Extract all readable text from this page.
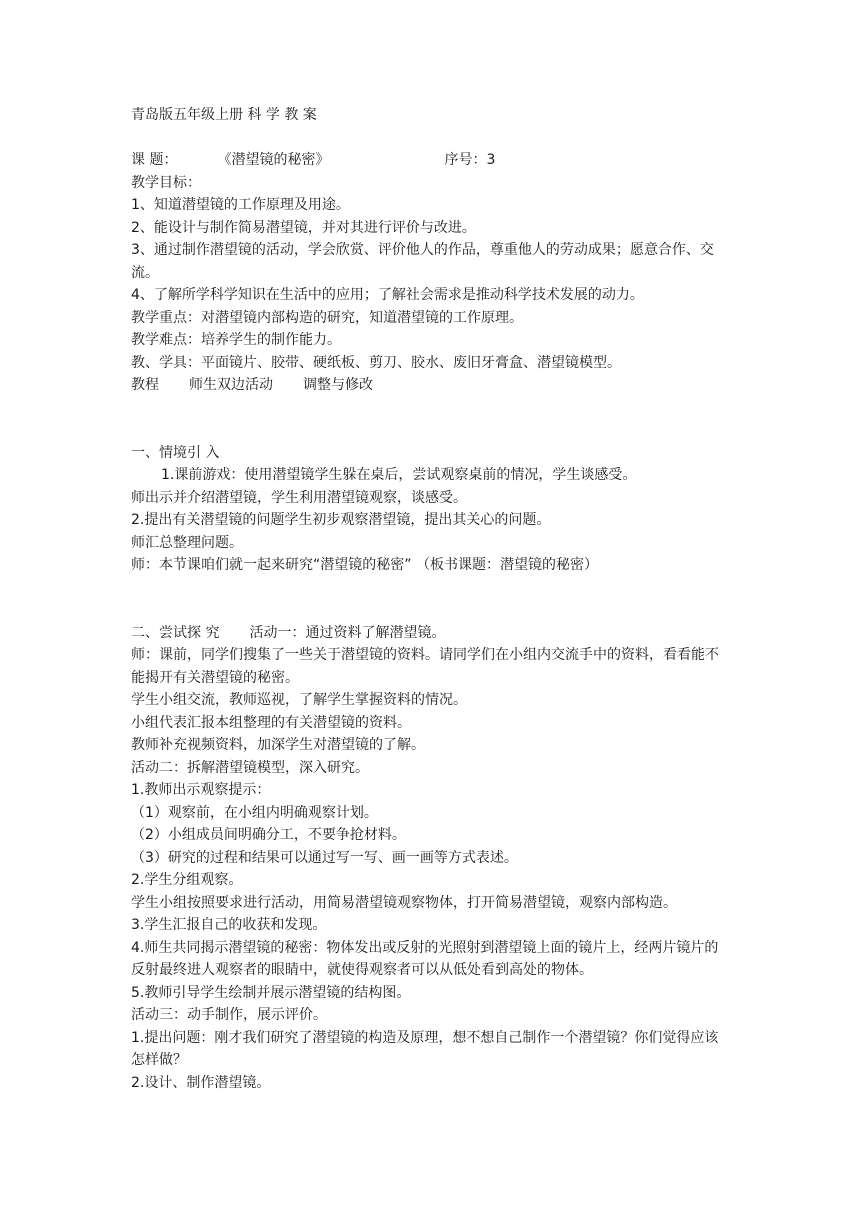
青岛版五年级上册 科 学 教 案
课 题：	《潜望镜的秘密》	序号：3
教学目标：
1、知道潜望镜的工作原理及用途。
2、能设计与制作简易潜望镜，并对其进行评价与改进。
3、通过制作潜望镜的活动，学会欣赏、评价他人的作品，尊重他人的劳动成果；愿意合作、交流。
4、了解所学科学知识在生活中的应用；了解社会需求是推动科学技术发展的动力。
教学重点：对潜望镜内部构造的研究，知道潜望镜的工作原理。
教学难点：培养学生的制作能力。
教、学具：平面镜片、胶带、硬纸板、剪刀、胶水、废旧牙膏盒、潜望镜模型。
教程 师生双边活动 调整与修改
一、情境引 入
1.课前游戏：使用潜望镜学生躲在桌后，尝试观察桌前的情况，学生谈感受。
师出示并介绍潜望镜，学生利用潜望镜观察，谈感受。
2.提出有关潜望镜的问题学生初步观察潜望镜，提出其关心的问题。
师汇总整理问题。
师：本节课咱们就一起来研究“潜望镜的秘密” （板书课题：潜望镜的秘密）
二、尝试探 究 活动一：通过资料了解潜望镜。
师：课前，同学们搜集了一些关于潜望镜的资料。请同学们在小组内交流手中的资料，看看能不能揭开有关潜望镜的秘密。
学生小组交流，教师巡视，了解学生掌握资料的情况。
小组代表汇报本组整理的有关潜望镜的资料。
教师补充视频资料，加深学生对潜望镜的了解。
活动二：拆解潜望镜模型，深入研究。
1.教师出示观察提示：
（1）观察前，在小组内明确观察计划。
（2）小组成员间明确分工，不要争抢材料。
（3）研究的过程和结果可以通过写一写、画一画等方式表述。
2.学生分组观察。
学生小组按照要求进行活动，用简易潜望镜观察物体，打开简易潜望镜，观察内部构造。
3.学生汇报自己的收获和发现。
4.师生共同揭示潜望镜的秘密：物体发出或反射的光照射到潜望镜上面的镜片上，经两片镜片的反射最终进人观察者的眼睛中，就使得观察者可以从低处看到高处的物体。
5.教师引导学生绘制并展示潜望镜的结构图。
活动三：动手制作，展示评价。
1.提出问题：刚才我们研究了潜望镜的构造及原理，想不想自己制作一个潜望镜？你们觉得应该怎样做？
2.设计、制作潜望镜。
